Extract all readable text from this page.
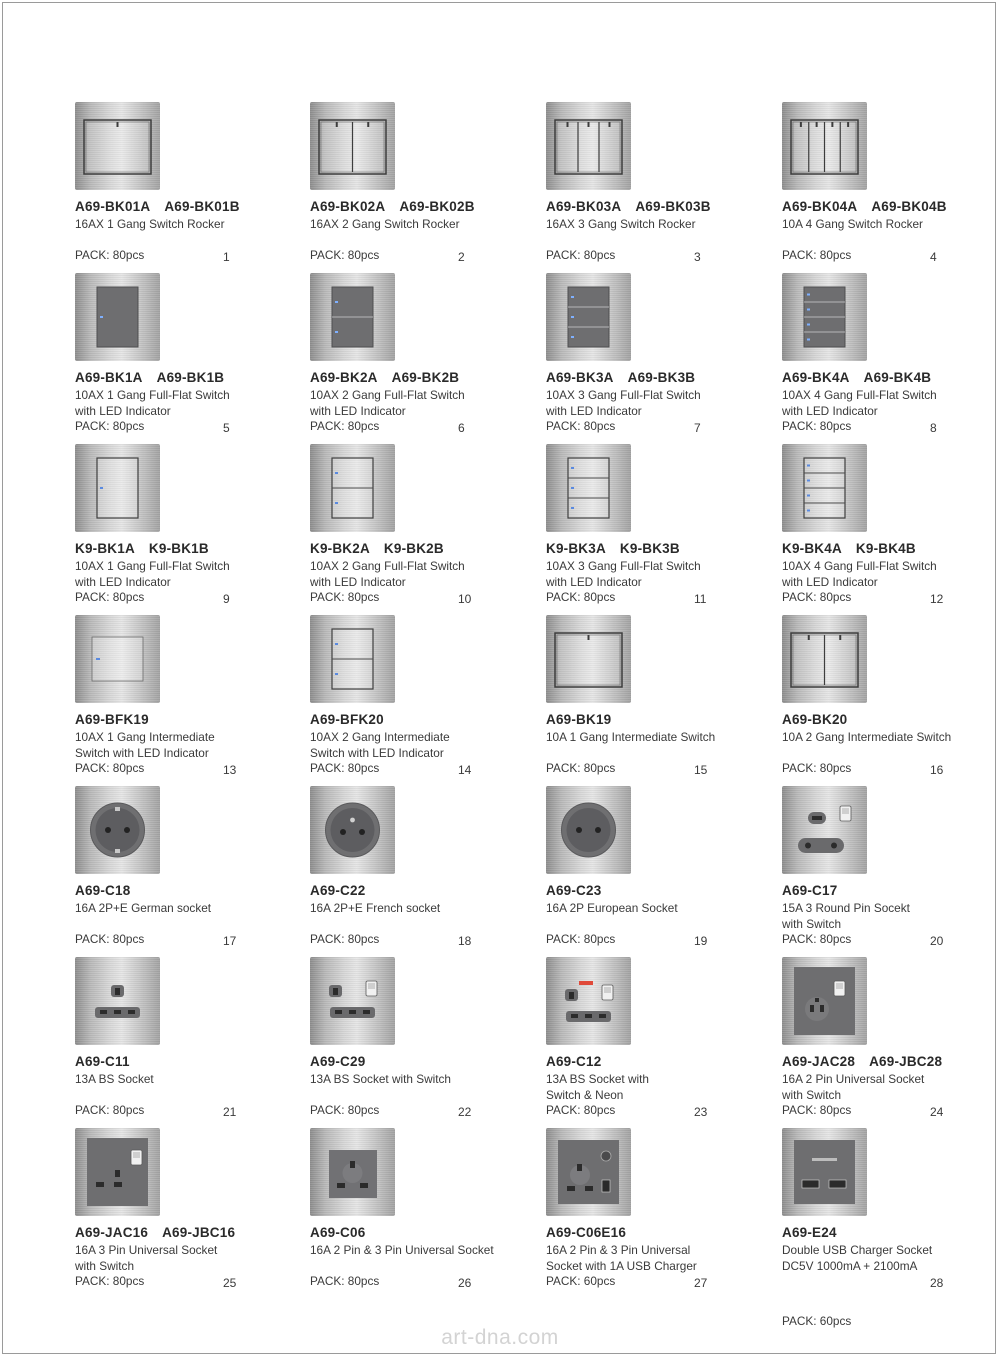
A69-BK01A A69-BK01B
16AX 1 Gang Switch Rocker
PACK: 80pcs	1
A69-BK02A A69-BK02B
16AX 2 Gang Switch Rocker
PACK: 80pcs	2
A69-BK03A A69-BK03B
16AX 3 Gang Switch Rocker
PACK: 80pcs	3
A69-BK04A A69-BK04B
10A 4 Gang Switch Rocker
PACK: 80pcs	4
A69-BK1A A69-BK1B
10AX 1 Gang Full-Flat Switch
with LED Indicator
PACK: 80pcs	5
A69-BK2A A69-BK2B
10AX 2 Gang Full-Flat Switch
with LED Indicator
PACK: 80pcs	6
A69-BK3A A69-BK3B
10AX 3 Gang Full-Flat Switch
with LED Indicator
PACK: 80pcs	7
A69-BK4A A69-BK4B
10AX 4 Gang Full-Flat Switch
with LED Indicator
PACK: 80pcs	8
K9-BK1A K9-BK1B
10AX 1 Gang Full-Flat Switch
with LED Indicator
PACK: 80pcs	9
K9-BK2A K9-BK2B
10AX 2 Gang Full-Flat Switch
with LED Indicator
PACK: 80pcs	10
K9-BK3A K9-BK3B
10AX 3 Gang Full-Flat Switch
with LED Indicator
PACK: 80pcs	11
K9-BK4A K9-BK4B
10AX 4 Gang Full-Flat Switch
with LED Indicator
PACK: 80pcs	12
A69-BFK19
10AX 1 Gang Intermediate
Switch with LED Indicator
PACK: 80pcs	13
A69-BFK20
10AX 2 Gang Intermediate
Switch with LED Indicator
PACK: 80pcs	14
A69-BK19
10A 1 Gang Intermediate Switch
PACK: 80pcs	15
A69-BK20
10A 2 Gang Intermediate Switch
PACK: 80pcs	16
A69-C18
16A 2P+E German socket
PACK: 80pcs	17
A69-C22
16A 2P+E French socket
PACK: 80pcs	18
A69-C23
16A 2P European Socket
PACK: 80pcs	19
A69-C17
15A 3 Round Pin Socekt
with Switch
PACK: 80pcs	20
A69-C11
13A BS Socket
PACK: 80pcs	21
A69-C29
13A BS Socket with Switch
PACK: 80pcs	22
A69-C12
13A BS Socket with
Switch & Neon
PACK: 80pcs	23
A69-JAC28 A69-JBC28
16A 2 Pin Universal Socket
with Switch
PACK: 80pcs	24
A69-JAC16 A69-JBC16
16A 3 Pin Universal Socket
with Switch
PACK: 80pcs	25
A69-C06
16A 2 Pin & 3 Pin Universal Socket
PACK: 80pcs	26
A69-C06E16
16A 2 Pin & 3 Pin Universal
Socket with 1A USB Charger
PACK: 60pcs	27
A69-E24
Double USB Charger Socket
DC5V 1000mA + 2100mA
PACK: 60pcs
28
art-dna.com
